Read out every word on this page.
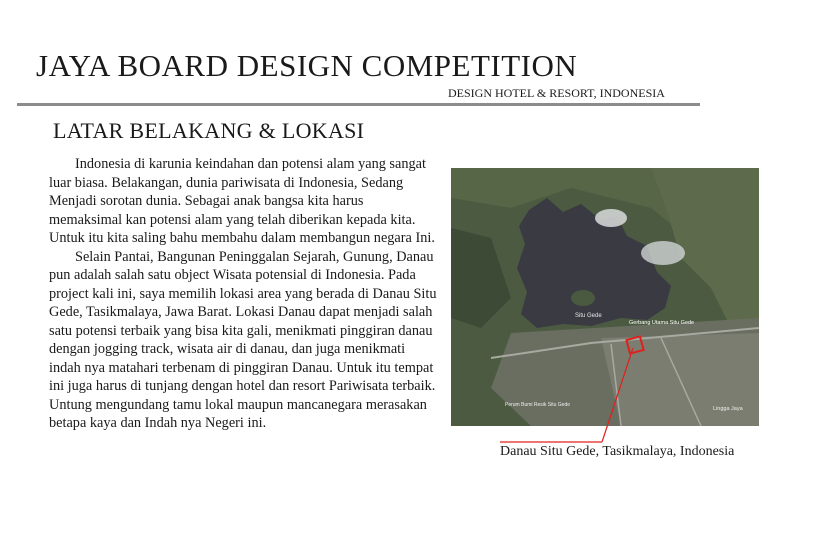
JAYA BOARD DESIGN COMPETITION
DESIGN HOTEL & RESORT, INDONESIA
LATAR BELAKANG & LOKASI

Indonesia di karunia keindahan dan potensi alam yang sangat luar biasa. Belakangan, dunia pariwisata di Indonesia, Sedang Menjadi sorotan dunia. Sebagai anak bangsa kita harus memaksimal kan potensi alam yang telah diberikan kepada kita. Untuk itu kita saling bahu membahu dalam membangun negara Ini.

Selain Pantai, Bangunan Peninggalan Sejarah, Gunung, Danau pun adalah salah satu object Wisata potensial di Indonesia. Pada project kali ini, saya memilih lokasi area yang berada di Danau Situ Gede, Tasikmalaya, Jawa Barat. Lokasi Danau dapat menjadi salah satu potensi terbaik yang bisa kita gali, menikmati pinggiran danau dengan jogging track, wisata air di danau, dan juga menikmati indah nya matahari terbenam di pinggiran Danau. Untuk itu tempat ini juga harus di tunjang dengan hotel dan resort Pariwisata terbaik. Untung mengundang tamu lokal maupun mancanegara merasakan betapa kaya dan Indah nya Negeri ini.

Situ Gede
Gerbang Utama Situ Gede
Perum Bumi Resik Situ Gede
Lingga Jaya
Danau Situ Gede, Tasikmalaya, Indonesia
